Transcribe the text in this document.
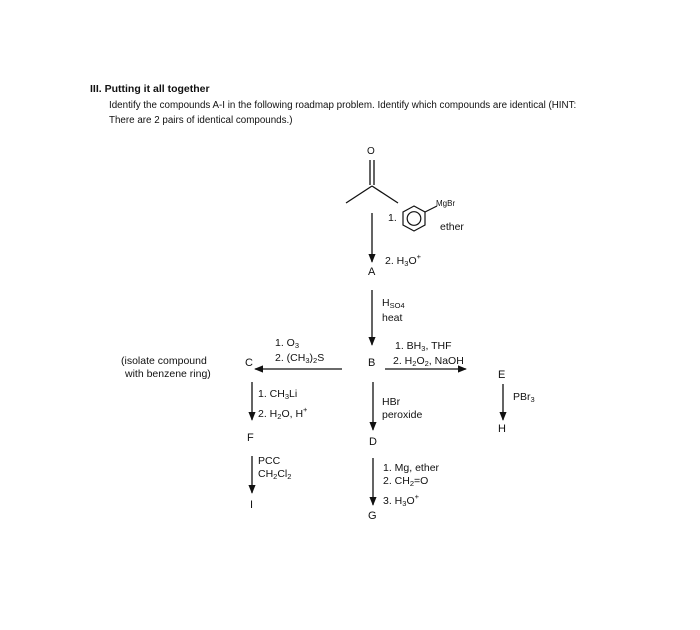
III. Putting it all together
Identify the compounds A-I in the following roadmap problem. Identify which compounds are identical (HINT: There are 2 pairs of identical compounds.)
O
1.
MgBr
ether
2. $H_3O^+$
A
$H_{SO4}$
heat
B
1. $O_3$
2. $(CH_3)_2S$
(isolate compound
with benzene ring)
C
1. $BH_3$, THF
2. $H_2O_2$, NaOH
E
PBr$_3$
H
1. $CH_3Li$
2. $H_2O$, H+
HBr
peroxide
F	D
PCC
$CH_2Cl_2$
1. Mg, ether
2. $CH_2=O$
3. $H_3O^+$
I
G
